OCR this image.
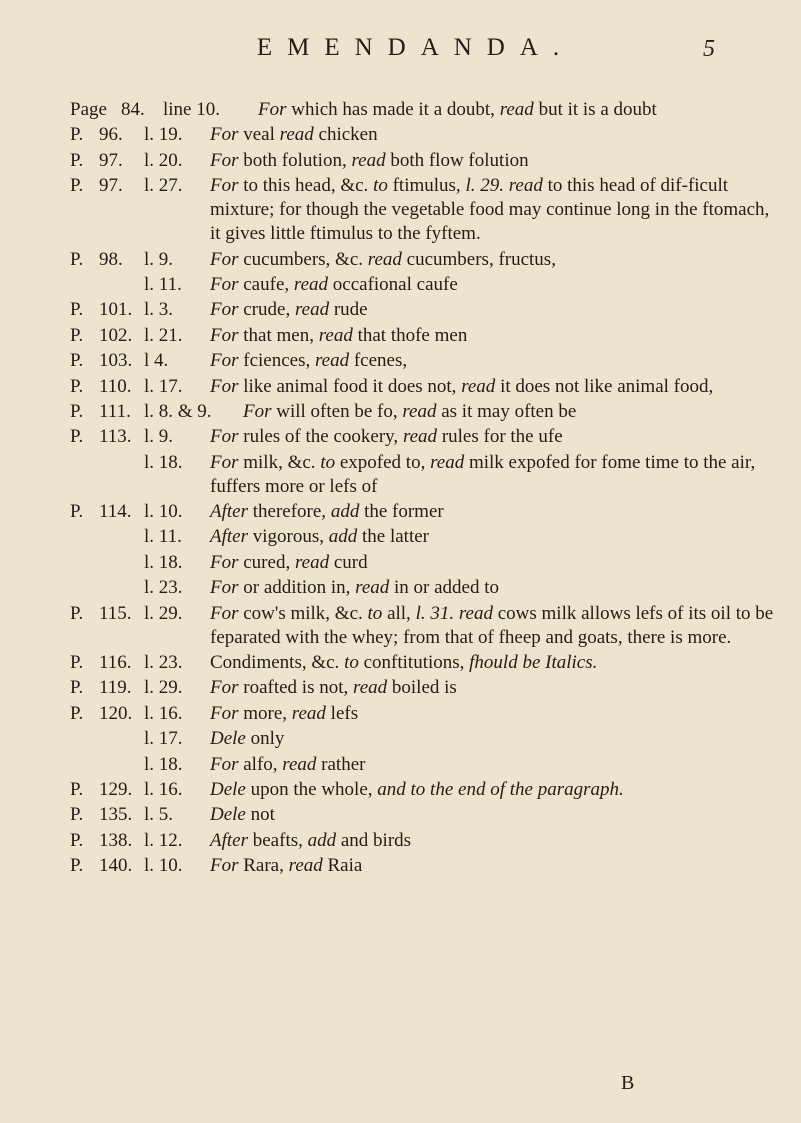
EMENDANDA.	5
Page 84. line 10. For which has made it a doubt, read but it is a doubt
P. 96. l. 19. For veal read chicken
P. 97. l. 20. For both folution, read both flow folution
P. 97. l. 27. For to this head, &c. to ftimulus, l. 29. read to this head of dif-ficult mixture; for though the vegetable food may continue long in the ftomach, it gives little ftimulus to the fyftem.
P. 98. l. 9. For cucumbers, &c. read cucumbers, fructus,
l. 11. For caufe, read occafional caufe
P. 101. l. 3. For crude, read rude
P. 102. l. 21. For that men, read that thofe men
P. 103. l 4. For fciences, read fcenes,
P. 110. l. 17. For like animal food it does not, read it does not like animal food,
P. 111. l. 8. & 9. For will often be fo, read as it may often be
P. 113. l. 9. For rules of the cookery, read rules for the ufe
l. 18. For milk, &c. to expofed to, read milk expofed for fome time to the air, fuffers more or lefs of
P. 114. l. 10. After therefore, add the former
l. 11. After vigorous, add the latter
l. 18. For cured, read curd
l. 23. For or addition in, read in or added to
P. 115. l. 29. For cow's milk, &c. to all, l. 31. read cows milk allows lefs of its oil to be feparated with the whey; from that of fheep and goats, there is more.
P. 116. l. 23. Condiments, &c. to conftitutions, fhould be Italics.
P. 119. l. 29. For roafted is not, read boiled is
P. 120. l. 16. For more, read lefs
l. 17. Dele only
l. 18. For alfo, read rather
P. 129. l. 16. Dele upon the whole, and to the end of the paragraph.
P. 135. l. 5. Dele not
P. 138. l. 12. After beafts, add and birds
P. 140. l. 10. For Rara, read Raia
B
